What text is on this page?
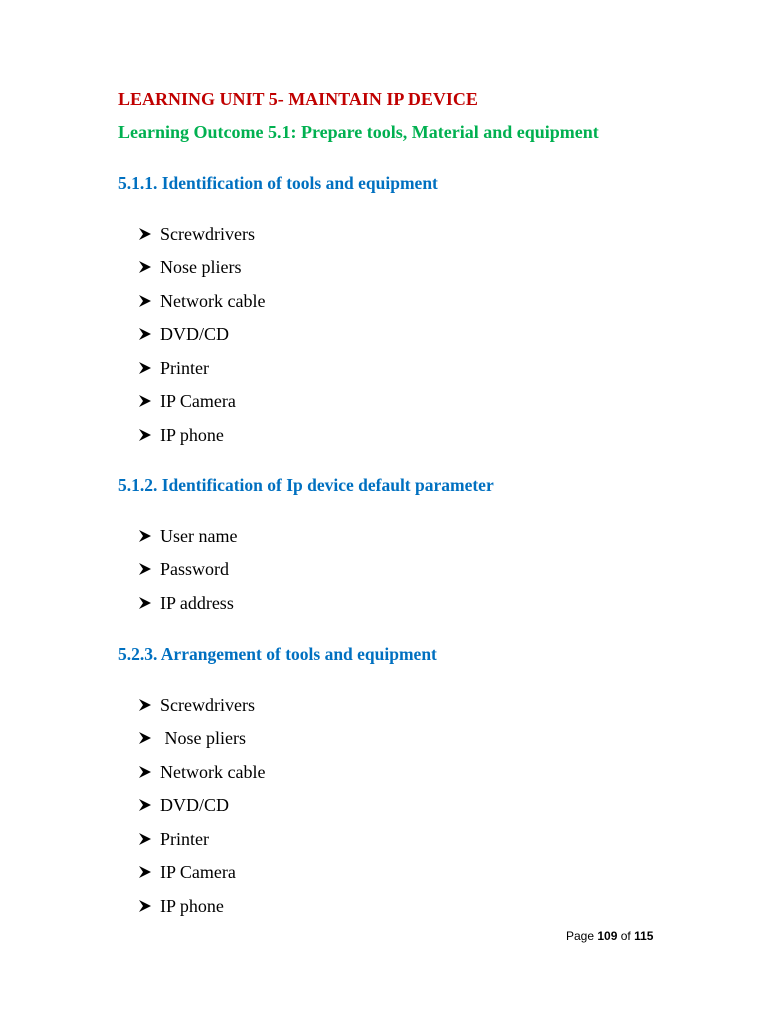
LEARNING UNIT 5- MAINTAIN IP DEVICE
Learning Outcome 5.1: Prepare tools, Material and equipment
5.1.1. Identification of tools and equipment
Screwdrivers
Nose pliers
Network cable
DVD/CD
Printer
IP Camera
IP phone
5.1.2. Identification of Ip device default parameter
User name
Password
IP address
5.2.3. Arrangement of tools and equipment
Screwdrivers
Nose pliers
Network cable
DVD/CD
Printer
IP Camera
IP phone
Page 109 of 115
